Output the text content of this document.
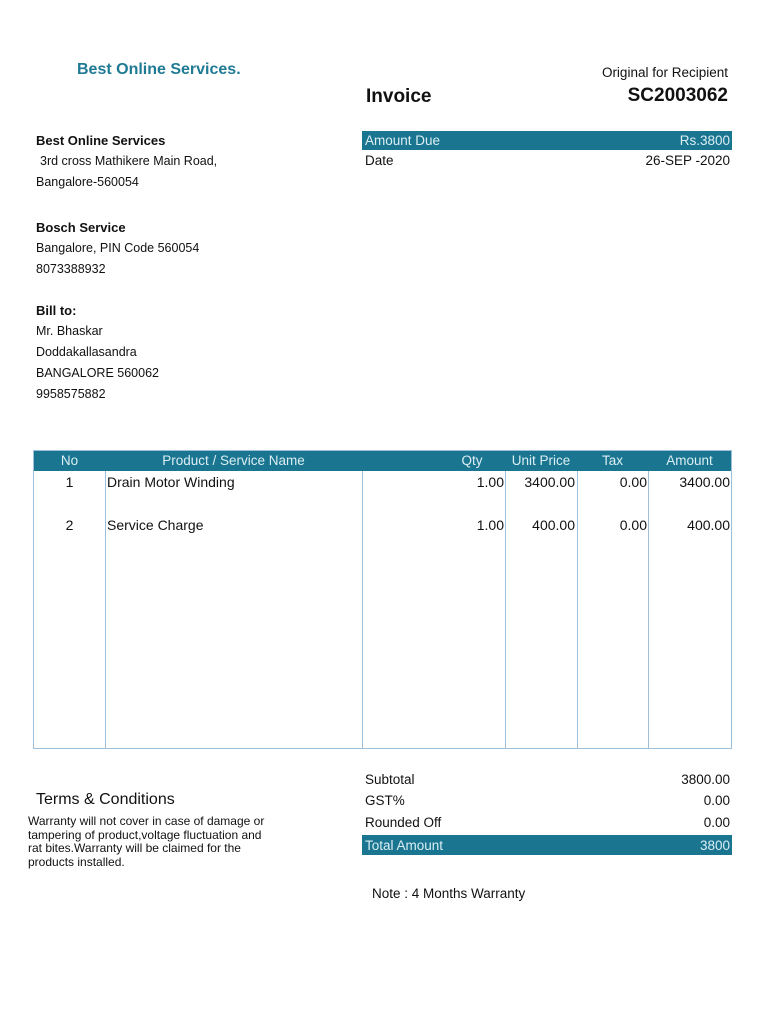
Best Online Services.	Original for Recipient
Invoice	SC2003062
Amount Due	Rs.3800
Date	26-SEP -2020
Best Online Services
3rd cross Mathikere Main Road,
Bangalore-560054
Bosch Service
Bangalore, PIN Code 560054
8073388932
Bill to:
Mr. Bhaskar
Doddakallasandra
BANGALORE 560062
9958575882
No	Product / Service Name	Qty	Unit Price	Tax	Amount
1	Drain Motor Winding	1.00	3400.00	0.00	3400.00
2	Service Charge	1.00	400.00	0.00	400.00
Subtotal	3800.00
GST%	0.00
Rounded Off	0.00
Total Amount	3800
Terms & Conditions
Warranty will not cover in case of damage or tampering of product,voltage fluctuation and rat bites.Warranty will be claimed for the products installed.
Note : 4 Months Warranty
